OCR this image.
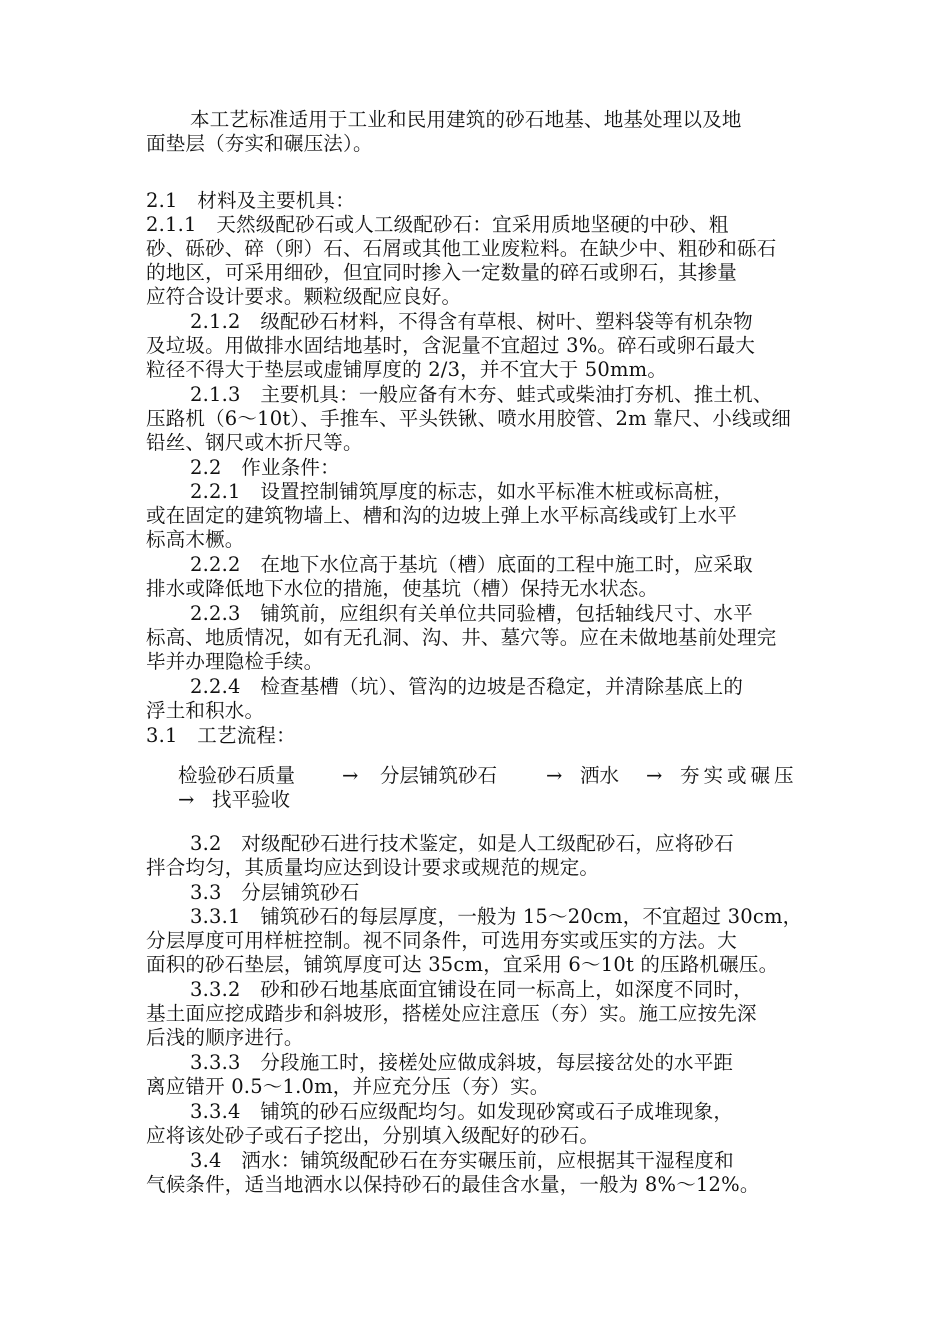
本工艺标准适用于工业和民用建筑的砂石地基、地基处理以及地
面垫层（夯实和碾压法）。
2.1　材料及主要机具：
2.1.1　天然级配砂石或人工级配砂石：宜采用质地坚硬的中砂、粗
砂、砾砂、碎（卵）石、石屑或其他工业废粒料。在缺少中、粗砂和砾石
的地区，可采用细砂，但宜同时掺入一定数量的碎石或卵石，其掺量
应符合设计要求。颗粒级配应良好。
2.1.2　级配砂石材料，不得含有草根、树叶、塑料袋等有机杂物
及垃圾。用做排水固结地基时，含泥量不宜超过 3%。碎石或卵石最大
粒径不得大于垫层或虚铺厚度的 2/3，并不宜大于 50mm。
2.1.3　主要机具：一般应备有木夯、蛙式或柴油打夯机、推土机、
压路机（6～10t）、手推车、平头铁锹、喷水用胶管、2m 靠尺、小线或细
铅丝、钢尺或木折尺等。
2.2　作业条件：
2.2.1　设置控制铺筑厚度的标志，如水平标准木桩或标高桩，
或在固定的建筑物墙上、槽和沟的边坡上弹上水平标高线或钉上水平
标高木橛。
2.2.2　在地下水位高于基坑（槽）底面的工程中施工时，应采取
排水或降低地下水位的措施，使基坑（槽）保持无水状态。
2.2.3　铺筑前，应组织有关单位共同验槽，包括轴线尺寸、水平
标高、地质情况，如有无孔洞、沟、井、墓穴等。应在未做地基前处理完
毕并办理隐检手续。
2.2.4　检查基槽（坑）、管沟的边坡是否稳定，并清除基底上的
浮土和积水。
3.1　工艺流程：
3.2　对级配砂石进行技术鉴定，如是人工级配砂石，应将砂石
拌合均匀，其质量均应达到设计要求或规范的规定。
3.3　分层铺筑砂石
3.3.1　铺筑砂石的每层厚度，一般为 15～20cm，不宜超过 30cm，
分层厚度可用样桩控制。视不同条件，可选用夯实或压实的方法。大
面积的砂石垫层，铺筑厚度可达 35cm，宜采用 6～10t 的压路机碾压。
3.3.2　砂和砂石地基底面宜铺设在同一标高上，如深度不同时，
基土面应挖成踏步和斜坡形，搭槎处应注意压（夯）实。施工应按先深
后浅的顺序进行。
3.3.3　分段施工时，接槎处应做成斜坡，每层接岔处的水平距
离应错开 0.5～1.0m，并应充分压（夯）实。
3.3.4　铺筑的砂石应级配均匀。如发现砂窝或石子成堆现象，
应将该处砂子或石子挖出，分别填入级配好的砂石。
3.4　洒水：铺筑级配砂石在夯实碾压前，应根据其干湿程度和
气候条件，适当地洒水以保持砂石的最佳含水量，一般为 8%～12%。
检验砂石质量 → 分层铺筑砂石	→ 洒水 → 夯实或碾压
→ 找平验收
